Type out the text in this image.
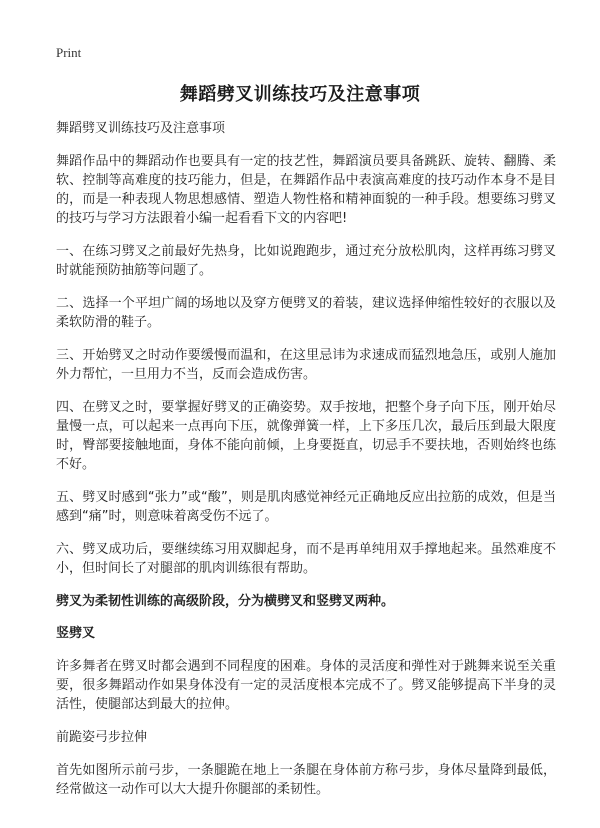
Print
舞蹈劈叉训练技巧及注意事项

舞蹈劈叉训练技巧及注意事项

舞蹈作品中的舞蹈动作也要具有一定的技艺性，舞蹈演员要具备跳跃、旋转、翻腾、柔软、控制等高难度的技巧能力，但是，在舞蹈作品中表演高难度的技巧动作本身不是目的，而是一种表现人物思想感情、塑造人物性格和精神面貌的一种手段。想要练习劈叉的技巧与学习方法跟着小编一起看看下文的内容吧!

一、在练习劈叉之前最好先热身，比如说跑跑步，通过充分放松肌肉，这样再练习劈叉时就能预防抽筋等问题了。

二、选择一个平坦广阔的场地以及穿方便劈叉的着装，建议选择伸缩性较好的衣服以及柔软防滑的鞋子。

三、开始劈叉之时动作要缓慢而温和，在这里忌讳为求速成而猛烈地急压，或别人施加外力帮忙，一旦用力不当，反而会造成伤害。

四、在劈叉之时，要掌握好劈叉的正确姿势。双手按地，把整个身子向下压，刚开始尽量慢一点，可以起来一点再向下压，就像弹簧一样，上下多压几次，最后压到最大限度时，臀部要接触地面，身体不能向前倾，上身要挺直，切忌手不要扶地，否则始终也练不好。

五、劈叉时感到“张力”或“酸”，则是肌肉感觉神经元正确地反应出拉筋的成效，但是当感到“痛”时，则意味着离受伤不远了。

六、劈叉成功后，要继续练习用双脚起身，而不是再单纯用双手撑地起来。虽然难度不小，但时间长了对腿部的肌肉训练很有帮助。

劈叉为柔韧性训练的高级阶段，分为横劈叉和竖劈叉两种。

竖劈叉

许多舞者在劈叉时都会遇到不同程度的困难。身体的灵活度和弹性对于跳舞来说至关重要，很多舞蹈动作如果身体没有一定的灵活度根本完成不了。劈叉能够提高下半身的灵活性，使腿部达到最大的拉伸。

前跪姿弓步拉伸

首先如图所示前弓步，一条腿跪在地上一条腿在身体前方称弓步，身体尽量降到最低，经常做这一动作可以大大提升你腿部的柔韧性。
